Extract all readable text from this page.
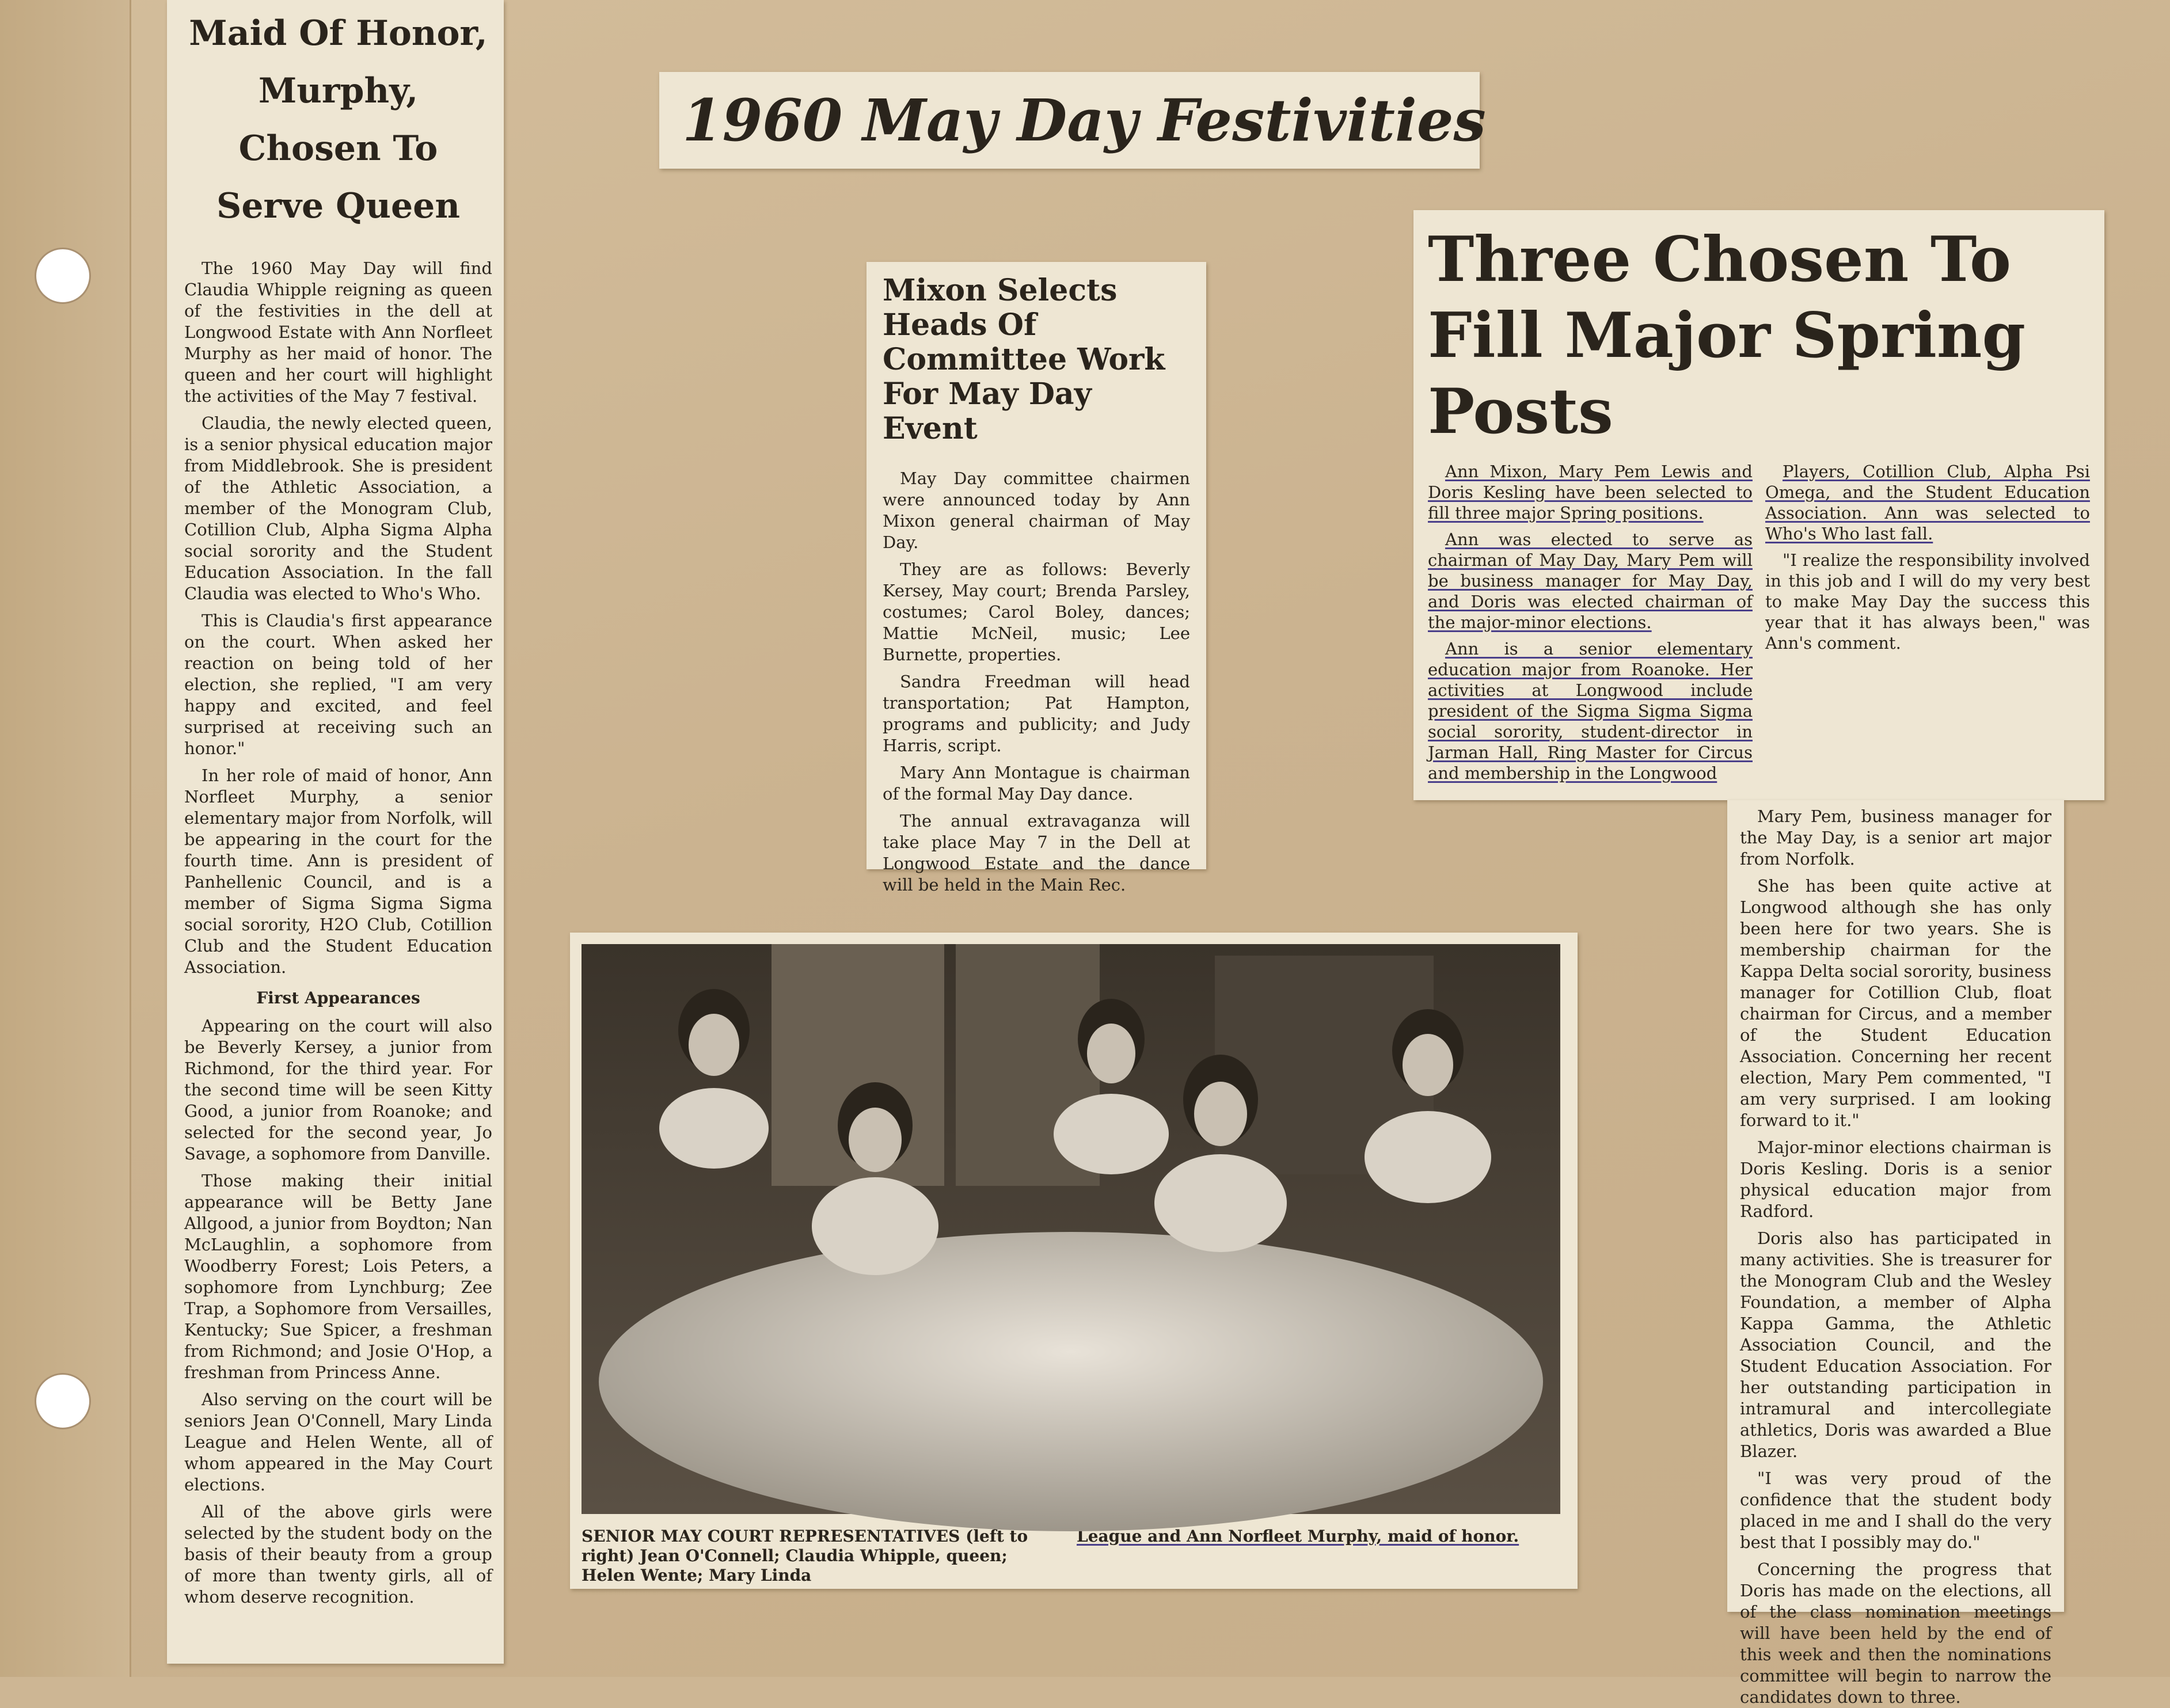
1960 May Day Festivities
Maid Of Honor, Murphy, Chosen To Serve Queen

The 1960 May Day will find Claudia Whipple reigning as queen of the festivities in the dell at Longwood Estate with Ann Norfleet Murphy as her maid of honor. The queen and her court will highlight the activities of the May 7 festival.

Claudia, the newly elected queen, is a senior physical education major from Middlebrook. She is president of the Athletic Association, a member of the Monogram Club, Cotillion Club, Alpha Sigma Alpha social sorority and the Student Education Association. In the fall Claudia was elected to Who's Who.

This is Claudia's first appearance on the court. When asked her reaction on being told of her election, she replied, "I am very happy and excited, and feel surprised at receiving such an honor."

In her role of maid of honor, Ann Norfleet Murphy, a senior elementary major from Norfolk, will be appearing in the court for the fourth time. Ann is president of Panhellenic Council, and is a member of Sigma Sigma Sigma social sorority, H2O Club, Cotillion Club and the Student Education Association.

First Appearances

Appearing on the court will also be Beverly Kersey, a junior from Richmond, for the third year. For the second time will be seen Kitty Good, a junior from Roanoke; and selected for the second year, Jo Savage, a sophomore from Danville.

Those making their initial appearance will be Betty Jane Allgood, a junior from Boydton; Nan McLaughlin, a sophomore from Woodberry Forest; Lois Peters, a sophomore from Lynchburg; Zee Trap, a Sophomore from Versailles, Kentucky; Sue Spicer, a freshman from Richmond; and Josie O'Hop, a freshman from Princess Anne.

Also serving on the court will be seniors Jean O'Connell, Mary Linda League and Helen Wente, all of whom appeared in the May Court elections.

All of the above girls were selected by the student body on the basis of their beauty from a group of more than twenty girls, all of whom deserve recognition.

Mixon Selects Heads Of Committee Work For May Day Event

May Day committee chairmen were announced today by Ann Mixon general chairman of May Day.

They are as follows: Beverly Kersey, May court; Brenda Parsley, costumes; Carol Boley, dances; Mattie McNeil, music; Lee Burnette, properties.

Sandra Freedman will head transportation; Pat Hampton, programs and publicity; and Judy Harris, script.

Mary Ann Montague is chairman of the formal May Day dance.

The annual extravaganza will take place May 7 in the Dell at Longwood Estate and the dance will be held in the Main Rec.

Three Chosen To Fill Major Spring Posts

Ann Mixon, Mary Pem Lewis and Doris Kesling have been selected to fill three major Spring positions.

Ann was elected to serve as chairman of May Day, Mary Pem will be business manager for May Day, and Doris was elected chairman of the major-minor elections.

Ann is a senior elementary education major from Roanoke. Her activities at Longwood include president of the Sigma Sigma Sigma social sorority, student-director in Jarman Hall, Ring Master for Circus and membership in the Longwood

Players, Cotillion Club, Alpha Psi Omega, and the Student Education Association. Ann was selected to Who's Who last fall.

"I realize the responsibility involved in this job and I will do my very best to make May Day the success this year that it has always been," was Ann's comment.

Mary Pem, business manager for the May Day, is a senior art major from Norfolk.

She has been quite active at Longwood although she has only been here for two years. She is membership chairman for the Kappa Delta social sorority, business manager for Cotillion Club, float chairman for Circus, and a member of the Student Education Association. Concerning her recent election, Mary Pem commented, "I am very surprised. I am looking forward to it."

Major-minor elections chairman is Doris Kesling. Doris is a senior physical education major from Radford.

Doris also has participated in many activities. She is treasurer for the Monogram Club and the Wesley Foundation, a member of Alpha Kappa Gamma, the Athletic Association Council, and the Student Education Association. For her outstanding participation in intramural and intercollegiate athletics, Doris was awarded a Blue Blazer.

"I was very proud of the confidence that the student body placed in me and I shall do the very best that I possibly may do."

Concerning the progress that Doris has made on the elections, all of the class nomination meetings will have been held by the end of this week and then the nominations committee will begin to narrow the candidates down to three.

SENIOR MAY COURT REPRESENTATIVES (left to right) Jean O'Connell; Claudia Whipple, queen; Helen Wente; Mary Linda
League and Ann Norfleet Murphy, maid of honor.
